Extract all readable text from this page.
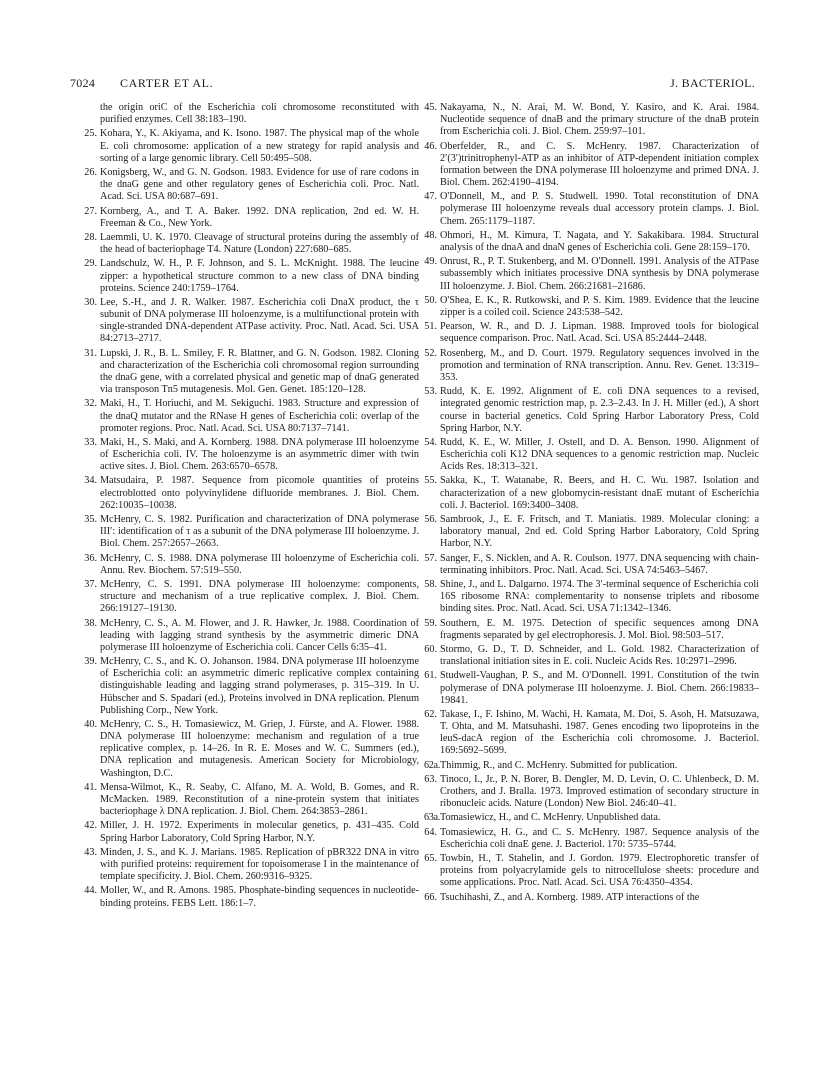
7024 CARTER ET AL.	J. BACTERIOL.
the origin oriC of the Escherichia coli chromosome reconstituted with purified enzymes. Cell 38:183–190.
25. Kohara, Y., K. Akiyama, and K. Isono. 1987. The physical map of the whole E. coli chromosome: application of a new strategy for rapid analysis and sorting of a large genomic library. Cell 50:495–508.
26. Konigsberg, W., and G. N. Godson. 1983. Evidence for use of rare codons in the dnaG gene and other regulatory genes of Escherichia coli. Proc. Natl. Acad. Sci. USA 80:687–691.
27. Kornberg, A., and T. A. Baker. 1992. DNA replication, 2nd ed. W. H. Freeman & Co., New York.
28. Laemmli, U. K. 1970. Cleavage of structural proteins during the assembly of the head of bacteriophage T4. Nature (London) 227:680–685.
29. Landschulz, W. H., P. F. Johnson, and S. L. McKnight. 1988. The leucine zipper: a hypothetical structure common to a new class of DNA binding proteins. Science 240:1759–1764.
30. Lee, S.-H., and J. R. Walker. 1987. Escherichia coli DnaX product, the τ subunit of DNA polymerase III holoenzyme, is a multifunctional protein with single-stranded DNA-dependent ATPase activity. Proc. Natl. Acad. Sci. USA 84:2713–2717.
31. Lupski, J. R., B. L. Smiley, F. R. Blattner, and G. N. Godson. 1982. Cloning and characterization of the Escherichia coli chromosomal region surrounding the dnaG gene, with a correlated physical and genetic map of dnaG generated via transposon Tn5 mutagenesis. Mol. Gen. Genet. 185:120–128.
32. Maki, H., T. Horiuchi, and M. Sekiguchi. 1983. Structure and expression of the dnaQ mutator and the RNase H genes of Escherichia coli: overlap of the promoter regions. Proc. Natl. Acad. Sci. USA 80:7137–7141.
33. Maki, H., S. Maki, and A. Kornberg. 1988. DNA polymerase III holoenzyme of Escherichia coli. IV. The holoenzyme is an asymmetric dimer with twin active sites. J. Biol. Chem. 263:6570–6578.
34. Matsudaira, P. 1987. Sequence from picomole quantities of proteins electroblotted onto polyvinylidene difluoride membranes. J. Biol. Chem. 262:10035–10038.
35. McHenry, C. S. 1982. Purification and characterization of DNA polymerase III′: identification of τ as a subunit of the DNA polymerase III holoenzyme. J. Biol. Chem. 257:2657–2663.
36. McHenry, C. S. 1988. DNA polymerase III holoenzyme of Escherichia coli. Annu. Rev. Biochem. 57:519–550.
37. McHenry, C. S. 1991. DNA polymerase III holoenzyme: components, structure and mechanism of a true replicative complex. J. Biol. Chem. 266:19127–19130.
38. McHenry, C. S., A. M. Flower, and J. R. Hawker, Jr. 1988. Coordination of leading with lagging strand synthesis by the asymmetric dimeric DNA polymerase III holoenzyme of Escherichia coli. Cancer Cells 6:35–41.
39. McHenry, C. S., and K. O. Johanson. 1984. DNA polymerase III holoenzyme of Escherichia coli: an asymmetric dimeric replicative complex containing distinguishable leading and lagging strand polymerases, p. 315–319. In U. Hübscher and S. Spadari (ed.), Proteins involved in DNA replication. Plenum Publishing Corp., New York.
40. McHenry, C. S., H. Tomasiewicz, M. Griep, J. Fürste, and A. Flower. 1988. DNA polymerase III holoenzyme: mechanism and regulation of a true replicative complex, p. 14–26. In R. E. Moses and W. C. Summers (ed.), DNA replication and mutagenesis. American Society for Microbiology, Washington, D.C.
41. Mensa-Wilmot, K., R. Seaby, C. Alfano, M. A. Wold, B. Gomes, and R. McMacken. 1989. Reconstitution of a nine-protein system that initiates bacteriophage λ DNA replication. J. Biol. Chem. 264:3853–2861.
42. Miller, J. H. 1972. Experiments in molecular genetics, p. 431–435. Cold Spring Harbor Laboratory, Cold Spring Harbor, N.Y.
43. Minden, J. S., and K. J. Marians. 1985. Replication of pBR322 DNA in vitro with purified proteins: requirement for topoisomerase I in the maintenance of template specificity. J. Biol. Chem. 260:9316–9325.
44. Moller, W., and R. Amons. 1985. Phosphate-binding sequences in nucleotide-binding proteins. FEBS Lett. 186:1–7.
45. Nakayama, N., N. Arai, M. W. Bond, Y. Kasiro, and K. Arai. 1984. Nucleotide sequence of dnaB and the primary structure of the dnaB protein from Escherichia coli. J. Biol. Chem. 259:97–101.
46. Oberfelder, R., and C. S. McHenry. 1987. Characterization of 2′(3′)trinitrophenyl-ATP as an inhibitor of ATP-dependent initiation complex formation between the DNA polymerase III holoenzyme and primed DNA. J. Biol. Chem. 262:4190–4194.
47. O'Donnell, M., and P. S. Studwell. 1990. Total reconstitution of DNA polymerase III holoenzyme reveals dual accessory protein clamps. J. Biol. Chem. 265:1179–1187.
48. Ohmori, H., M. Kimura, T. Nagata, and Y. Sakakibara. 1984. Structural analysis of the dnaA and dnaN genes of Escherichia coli. Gene 28:159–170.
49. Onrust, R., P. T. Stukenberg, and M. O'Donnell. 1991. Analysis of the ATPase subassembly which initiates processive DNA synthesis by DNA polymerase III holoenzyme. J. Biol. Chem. 266:21681–21686.
50. O'Shea, E. K., R. Rutkowski, and P. S. Kim. 1989. Evidence that the leucine zipper is a coiled coil. Science 243:538–542.
51. Pearson, W. R., and D. J. Lipman. 1988. Improved tools for biological sequence comparison. Proc. Natl. Acad. Sci. USA 85:2444–2448.
52. Rosenberg, M., and D. Court. 1979. Regulatory sequences involved in the promotion and termination of RNA transcription. Annu. Rev. Genet. 13:319–353.
53. Rudd, K. E. 1992. Alignment of E. coli DNA sequences to a revised, integrated genomic restriction map, p. 2.3–2.43. In J. H. Miller (ed.), A short course in bacterial genetics. Cold Spring Harbor Laboratory Press, Cold Spring Harbor, N.Y.
54. Rudd, K. E., W. Miller, J. Ostell, and D. A. Benson. 1990. Alignment of Escherichia coli K12 DNA sequences to a genomic restriction map. Nucleic Acids Res. 18:313–321.
55. Sakka, K., T. Watanabe, R. Beers, and H. C. Wu. 1987. Isolation and characterization of a new globomycin-resistant dnaE mutant of Escherichia coli. J. Bacteriol. 169:3400–3408.
56. Sambrook, J., E. F. Fritsch, and T. Maniatis. 1989. Molecular cloning: a laboratory manual, 2nd ed. Cold Spring Harbor Laboratory, Cold Spring Harbor, N.Y.
57. Sanger, F., S. Nicklen, and A. R. Coulson. 1977. DNA sequencing with chain-terminating inhibitors. Proc. Natl. Acad. Sci. USA 74:5463–5467.
58. Shine, J., and L. Dalgarno. 1974. The 3′-terminal sequence of Escherichia coli 16S ribosome RNA: complementarity to nonsense triplets and ribosome binding sites. Proc. Natl. Acad. Sci. USA 71:1342–1346.
59. Southern, E. M. 1975. Detection of specific sequences among DNA fragments separated by gel electrophoresis. J. Mol. Biol. 98:503–517.
60. Stormo, G. D., T. D. Schneider, and L. Gold. 1982. Characterization of translational initiation sites in E. coli. Nucleic Acids Res. 10:2971–2996.
61. Studwell-Vaughan, P. S., and M. O'Donnell. 1991. Constitution of the twin polymerase of DNA polymerase III holoenzyme. J. Biol. Chem. 266:19833–19841.
62. Takase, I., F. Ishino, M. Wachi, H. Kamata, M. Doi, S. Asoh, H. Matsuzawa, T. Ohta, and M. Matsuhashi. 1987. Genes encoding two lipoproteins in the leuS-dacA region of the Escherichia coli chromosome. J. Bacteriol. 169:5692–5699.
62a. Thimmig, R., and C. McHenry. Submitted for publication.
63. Tinoco, I., Jr., P. N. Borer, B. Dengler, M. D. Levin, O. C. Uhlenbeck, D. M. Crothers, and J. Bralla. 1973. Improved estimation of secondary structure in ribonucleic acids. Nature (London) New Biol. 246:40–41.
63a. Tomasiewicz, H., and C. McHenry. Unpublished data.
64. Tomasiewicz, H. G., and C. S. McHenry. 1987. Sequence analysis of the Escherichia coli dnaE gene. J. Bacteriol. 170: 5735–5744.
65. Towbin, H., T. Stahelin, and J. Gordon. 1979. Electrophoretic transfer of proteins from polyacrylamide gels to nitrocellulose sheets: procedure and some applications. Proc. Natl. Acad. Sci. USA 76:4350–4354.
66. Tsuchihashi, Z., and A. Kornberg. 1989. ATP interactions of the
